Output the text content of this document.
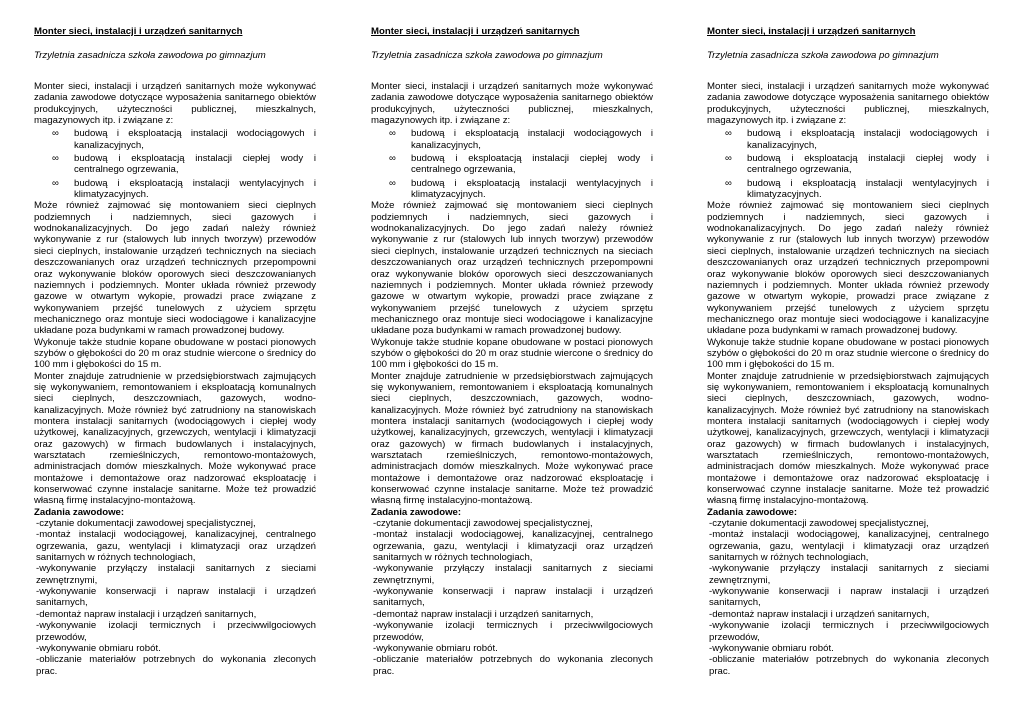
Monter sieci, instalacji i urządzeń sanitarnych
Trzyletnia zasadnicza szkoła zawodowa po gimnazjum
Monter sieci, instalacji i urządzeń sanitarnych może wykonywać zadania zawodowe dotyczące wyposażenia sanitarnego obiektów produkcyjnych, użyteczności publicznej, mieszkalnych, magazynowych itp. i związane z:
∞ budową i eksploatacją instalacji wodociągowych i kanalizacyjnych,
∞ budową i eksploatacją instalacji ciepłej wody i centralnego ogrzewania,
∞ budową i eksploatacją instalacji wentylacyjnych i klimatyzacyjnych.
Może również zajmować się montowaniem sieci cieplnych podziemnych i nadziemnych, sieci gazowych i wodnokanalizacyjnych. Do jego zadań należy również wykonywanie z rur (stalowych lub innych tworzyw) przewodów sieci cieplnych, instalowanie urządzeń technicznych na sieciach deszczowanianych oraz urządzeń technicznych przepompowni oraz wykonywanie bloków oporowych sieci deszczowanianych naziemnych i podziemnych. Monter układa również przewody gazowe w otwartym wykopie, prowadzi prace związane z wykonywaniem przejść tunelowych z użyciem sprzętu mechanicznego oraz montuje sieci wodociągowe i kanalizacyjne układane poza budynkami w ramach prowadzonej budowy.
Wykonuje także studnie kopane obudowane w postaci pionowych szybów o głębokości do 20 m oraz studnie wiercone o średnicy do 100 mm i głębokości do 15 m.
Monter znajduje zatrudnienie w przedsiębiorstwach zajmujących się wykonywaniem, remontowaniem i eksploatacją komunalnych sieci cieplnych, deszczowniach, gazowych, wodno-kanalizacyjnych. Może również być zatrudniony na stanowiskach montera instalacji sanitarnych (wodociągowych i ciepłej wody użytkowej, kanalizacyjnych, grzewczych, wentylacji i klimatyzacji oraz gazowych) w firmach budowlanych i instalacyjnych, warsztatach rzemieślniczych, remontowo-montażowych, administracjach domów mieszkalnych. Może wykonywać prace montażowe i demontażowe oraz nadzorować eksploatację i konserwować czynne instalacje sanitarne. Może też prowadzić własną firmę instalacyjno-montażową.
Zadania zawodowe:
-czytanie dokumentacji zawodowej specjalistycznej,
-montaż instalacji wodociągowej, kanalizacyjnej, centralnego ogrzewania, gazu, wentylacji i klimatyzacji oraz urządzeń sanitarnych w różnych technologiach,
-wykonywanie przyłączy instalacji sanitarnych z sieciami zewnętrznymi,
-wykonywanie konserwacji i napraw instalacji i urządzeń sanitarnych,
-demontaż napraw instalacji i urządzeń sanitarnych,
-wykonywanie izolacji termicznych i przeciwwilgociowych przewodów,
-wykonywanie obmiaru robót.
-obliczanie materiałów potrzebnych do wykonania zleconych prac.
Monter sieci, instalacji i urządzeń sanitarnych
Trzyletnia zasadnicza szkoła zawodowa po gimnazjum
Monter sieci, instalacji i urządzeń sanitarnych może wykonywać zadania zawodowe dotyczące wyposażenia sanitarnego obiektów produkcyjnych, użyteczności publicznej, mieszkalnych, magazynowych itp. i związane z:
∞ budową i eksploatacją instalacji wodociągowych i kanalizacyjnych,
∞ budową i eksploatacją instalacji ciepłej wody i centralnego ogrzewania,
∞ budową i eksploatacją instalacji wentylacyjnych i klimatyzacyjnych.
Może również zajmować się montowaniem sieci cieplnych podziemnych i nadziemnych, sieci gazowych i wodnokanalizacyjnych. Do jego zadań należy również wykonywanie z rur (stalowych lub innych tworzyw) przewodów sieci cieplnych, instalowanie urządzeń technicznych na sieciach deszczowanianych oraz urządzeń technicznych przepompowni oraz wykonywanie bloków oporowych sieci deszczowanianych naziemnych i podziemnych. Monter układa również przewody gazowe w otwartym wykopie, prowadzi prace związane z wykonywaniem przejść tunelowych z użyciem sprzętu mechanicznego oraz montuje sieci wodociągowe i kanalizacyjne układane poza budynkami w ramach prowadzonej budowy.
Wykonuje także studnie kopane obudowane w postaci pionowych szybów o głębokości do 20 m oraz studnie wiercone o średnicy do 100 mm i głębokości do 15 m.
Monter znajduje zatrudnienie w przedsiębiorstwach zajmujących się wykonywaniem, remontowaniem i eksploatacją komunalnych sieci cieplnych, deszczowniach, gazowych, wodno-kanalizacyjnych. Może również być zatrudniony na stanowiskach montera instalacji sanitarnych (wodociągowych i ciepłej wody użytkowej, kanalizacyjnych, grzewczych, wentylacji i klimatyzacji oraz gazowych) w firmach budowlanych i instalacyjnych, warsztatach rzemieślniczych, remontowo-montażowych, administracjach domów mieszkalnych. Może wykonywać prace montażowe i demontażowe oraz nadzorować eksploatację i konserwować czynne instalacje sanitarne. Może też prowadzić własną firmę instalacyjno-montażową.
Zadania zawodowe:
-czytanie dokumentacji zawodowej specjalistycznej,
-montaż instalacji wodociągowej, kanalizacyjnej, centralnego ogrzewania, gazu, wentylacji i klimatyzacji oraz urządzeń sanitarnych w różnych technologiach,
-wykonywanie przyłączy instalacji sanitarnych z sieciami zewnętrznymi,
-wykonywanie konserwacji i napraw instalacji i urządzeń sanitarnych,
-demontaż napraw instalacji i urządzeń sanitarnych,
-wykonywanie izolacji termicznych i przeciwwilgociowych przewodów,
-wykonywanie obmiaru robót.
-obliczanie materiałów potrzebnych do wykonania zleconych prac.
Monter sieci, instalacji i urządzeń sanitarnych
Trzyletnia zasadnicza szkoła zawodowa po gimnazjum
Monter sieci, instalacji i urządzeń sanitarnych może wykonywać zadania zawodowe dotyczące wyposażenia sanitarnego obiektów produkcyjnych, użyteczności publicznej, mieszkalnych, magazynowych itp. i związane z:
∞ budową i eksploatacją instalacji wodociągowych i kanalizacyjnych,
∞ budową i eksploatacją instalacji ciepłej wody i centralnego ogrzewania,
∞ budową i eksploatacją instalacji wentylacyjnych i klimatyzacyjnych.
Może również zajmować się montowaniem sieci cieplnych podziemnych i nadziemnych, sieci gazowych i wodnokanalizacyjnych. Do jego zadań należy również wykonywanie z rur (stalowych lub innych tworzyw) przewodów sieci cieplnych, instalowanie urządzeń technicznych na sieciach deszczowanianych oraz urządzeń technicznych przepompowni oraz wykonywanie bloków oporowych sieci deszczowanianych naziemnych i podziemnych. Monter układa również przewody gazowe w otwartym wykopie, prowadzi prace związane z wykonywaniem przejść tunelowych z użyciem sprzętu mechanicznego oraz montuje sieci wodociągowe i kanalizacyjne układane poza budynkami w ramach prowadzonej budowy.
Wykonuje także studnie kopane obudowane w postaci pionowych szybów o głębokości do 20 m oraz studnie wiercone o średnicy do 100 mm i głębokości do 15 m.
Monter znajduje zatrudnienie w przedsiębiorstwach zajmujących się wykonywaniem, remontowaniem i eksploatacją komunalnych sieci cieplnych, deszczowniach, gazowych, wodno-kanalizacyjnych. Może również być zatrudniony na stanowiskach montera instalacji sanitarnych (wodociągowych i ciepłej wody użytkowej, kanalizacyjnych, grzewczych, wentylacji i klimatyzacji oraz gazowych) w firmach budowlanych i instalacyjnych, warsztatach rzemieślniczych, remontowo-montażowych, administracjach domów mieszkalnych. Może wykonywać prace montażowe i demontażowe oraz nadzorować eksploatację i konserwować czynne instalacje sanitarne. Może też prowadzić własną firmę instalacyjno-montażową.
Zadania zawodowe:
-czytanie dokumentacji zawodowej specjalistycznej,
-montaż instalacji wodociągowej, kanalizacyjnej, centralnego ogrzewania, gazu, wentylacji i klimatyzacji oraz urządzeń sanitarnych w różnych technologiach,
-wykonywanie przyłączy instalacji sanitarnych z sieciami zewnętrznymi,
-wykonywanie konserwacji i napraw instalacji i urządzeń sanitarnych,
-demontaż napraw instalacji i urządzeń sanitarnych,
-wykonywanie izolacji termicznych i przeciwwilgociowych przewodów,
-wykonywanie obmiaru robót.
-obliczanie materiałów potrzebnych do wykonania zleconych prac.
